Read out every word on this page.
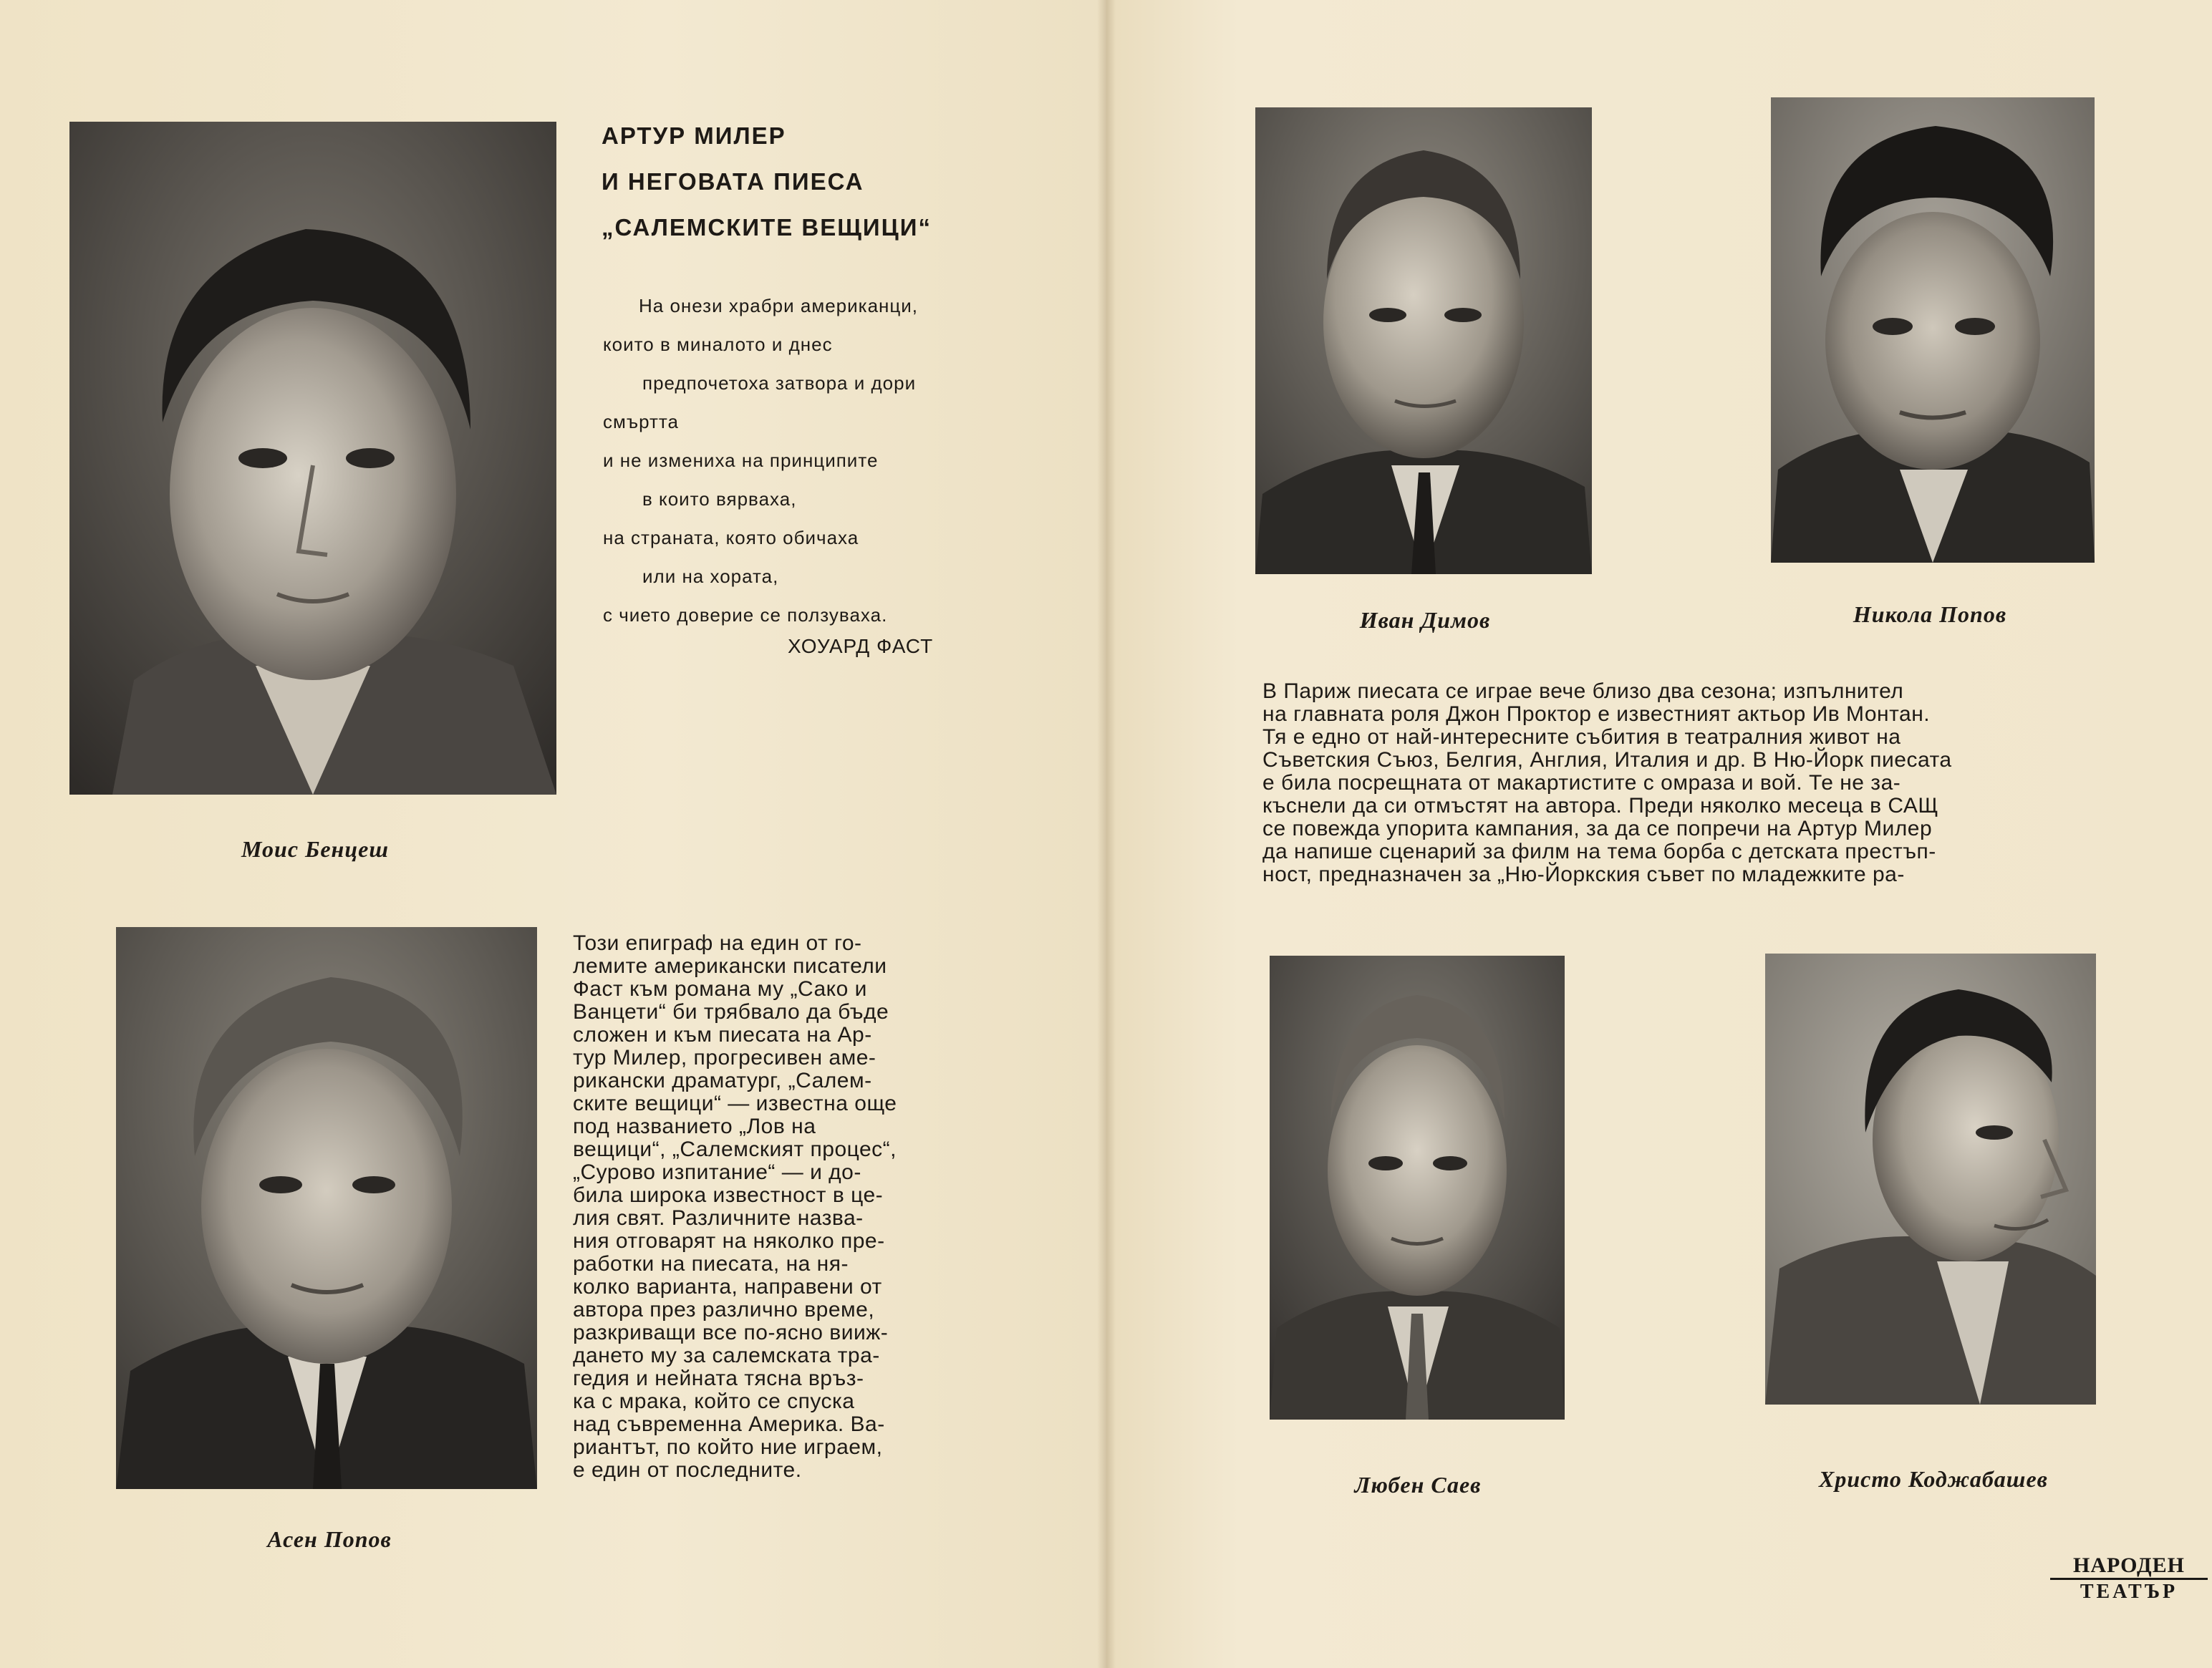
Моис Бенцеш
АРТУР МИЛЕР
И НЕГОВАТА ПИЕСА
„САЛЕМСКИТЕ ВЕЩИЦИ“
На онези храбри американци,
които в миналото и днес
предпочетоха затвора и дори
смъртта
и не измениха на принципите
в които вярваха,
на страната, която обичаха
или на хората,
с чието доверие се ползуваха.
ХОУАРД ФАСТ
Асен Попов
Този епиграф на един от го-
лемите американски писатели
Фаст към романа му „Сако и
Ванцети“ би трябвало да бъде
сложен и към пиесата на Ар-
тур Милер, прогресивен аме-
рикански драматург, „Салем-
ските вещици“ — известна още
под названието „Лов на
вещици“, „Салемският процес“,
„Сурово изпитание“ — и до-
била широка известност в це-
лия свят. Различните назва-
ния отговарят на няколко пре-
работки на пиесата, на ня-
колко варианта, направени от
автора през различно време,
разкриващи все по-ясно вииж-
дането му за салемската тра-
гедия и нейната тясна връз-
ка с мрака, който се спуска
над съвременна Америка. Ва-
риантът, по който ние играем,
е един от последните.
Иван Димов	Никола Попов
В Париж пиесата се играе вече близо два сезона; изпълнител
на главната роля Джон Проктор е известният актьор Ив Монтан.
Тя е едно от най-интересните събития в театралния живот на
Съветския Съюз, Белгия, Англия, Италия и др. В Ню-Йорк пиесата
е била посрещната от макартистите с омраза и вой. Те не за-
къснели да си отмъстят на автора. Преди няколко месеца в САЩ
се повежда упорита кампания, за да се попречи на Артур Милер
да напише сценарий за филм на тема борба с детската престъп-
ност, предназначен за „Ню-Йоркския съвет по младежките ра-
Любен Саев	Христо Коджабашев
НАРОДЕН
ТЕАТЪР
